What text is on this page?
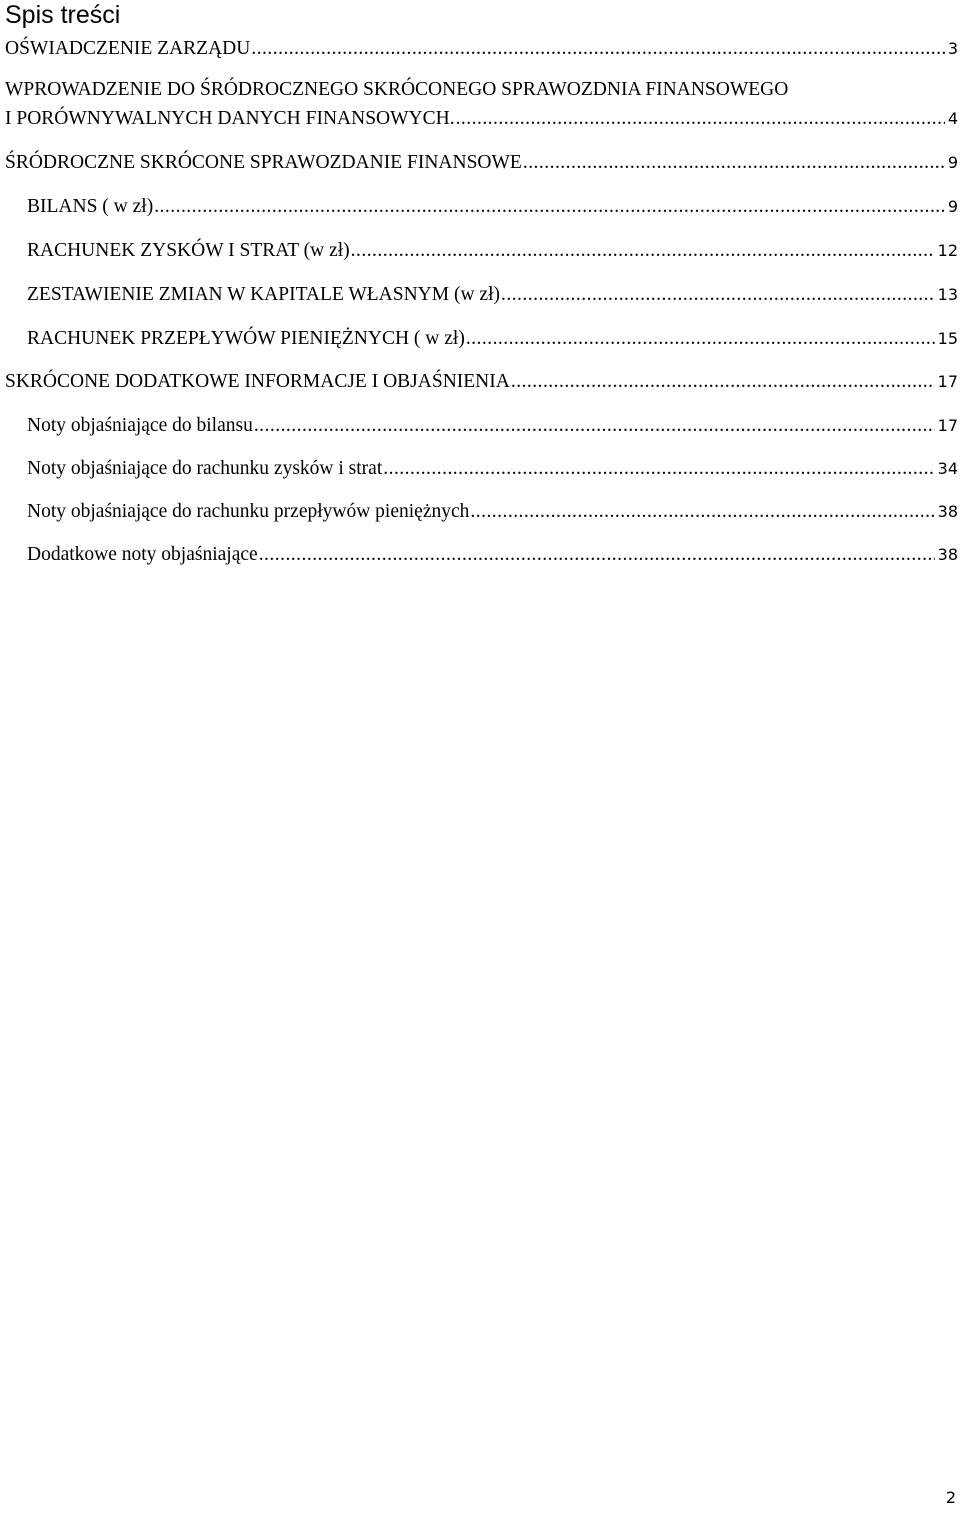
Spis treści
OŚWIADCZENIE ZARZĄDU . . .	3
WPROWADZENIE DO ŚRÓDROCZNEGO SKRÓCONEGO SPRAWOZDNIA FINANSOWEGO
I PORÓWNYWALNYCH DANYCH FINANSOWYCH. . . .	4
ŚRÓDROCZNE SKRÓCONE SPRAWOZDANIE FINANSOWE . . .	9
BILANS ( w zł) . . .	9
RACHUNEK ZYSKÓW I STRAT (w zł) . . .	12
ZESTAWIENIE ZMIAN W KAPITALE WŁASNYM (w zł) . . .	13
RACHUNEK PRZEPŁYWÓW PIENIĘŻNYCH ( w zł) . . .	15
SKRÓCONE DODATKOWE INFORMACJE I OBJAŚNIENIA . . .	17
Noty objaśniające do bilansu . . .	17
Noty objaśniające do rachunku zysków i strat . . .	34
Noty objaśniające do rachunku przepływów pieniężnych . . .	38
Dodatkowe noty objaśniające . . .	38
2
